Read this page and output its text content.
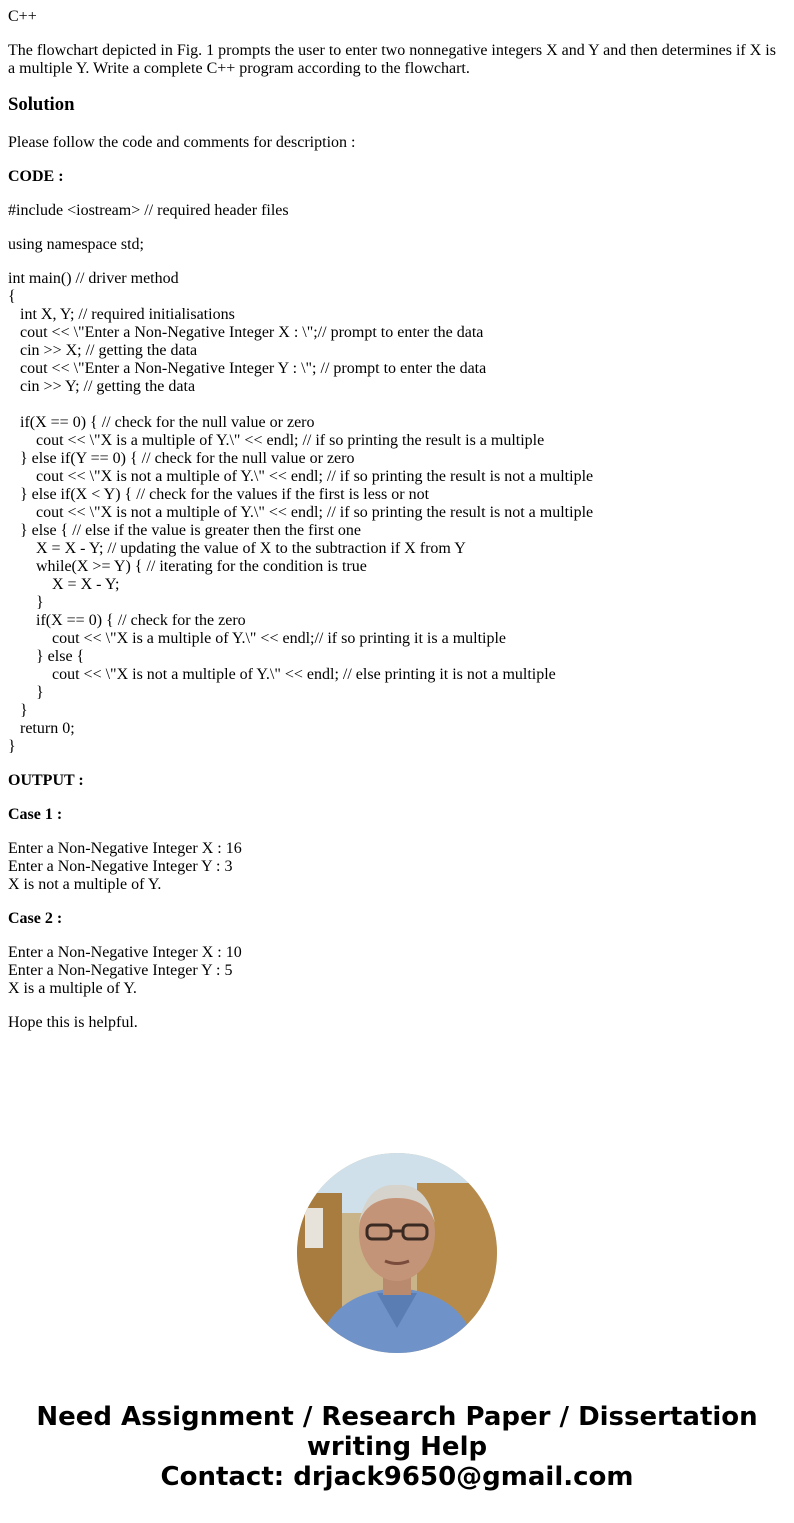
C++

The flowchart depicted in Fig. 1 prompts the user to enter two nonnegative integers X and Y and then determines if X is a multiple Y. Write a complete C++ program according to the flowchart.

Solution

Please follow the code and comments for description :

CODE :

#include <iostream> // required header files

using namespace std;

int main() // driver method
{
int X, Y; // required initialisations
cout << \"Enter a Non-Negative Integer X : \";// prompt to enter the data
cin >> X; // getting the data
cout << \"Enter a Non-Negative Integer Y : \"; // prompt to enter the data
cin >> Y; // getting the data
if(X == 0) { // check for the null value or zero
cout << \"X is a multiple of Y.\" << endl; // if so printing the result is a multiple
} else if(Y == 0) { // check for the null value or zero
cout << \"X is not a multiple of Y.\" << endl; // if so printing the result is not a multiple
} else if(X < Y) { // check for the values if the first is less or not
cout << \"X is not a multiple of Y.\" << endl; // if so printing the result is not a multiple
} else { // else if the value is greater then the first one
X = X - Y; // updating the value of X to the subtraction if X from Y
while(X >= Y) { // iterating for the condition is true
X = X - Y;
}
if(X == 0) { // check for the zero
cout << \"X is a multiple of Y.\" << endl;// if so printing it is a multiple
} else {
cout << \"X is not a multiple of Y.\" << endl; // else printing it is not a multiple
}
}
return 0;
}

OUTPUT :

Case 1 :

Enter a Non-Negative Integer X : 16
Enter a Non-Negative Integer Y : 3
X is not a multiple of Y.

Case 2 :

Enter a Non-Negative Integer X : 10
Enter a Non-Negative Integer Y : 5
X is a multiple of Y.

Hope this is helpful.

Need Assignment / Research Paper / Dissertation
writing Help
Contact: drjack9650@gmail.com
